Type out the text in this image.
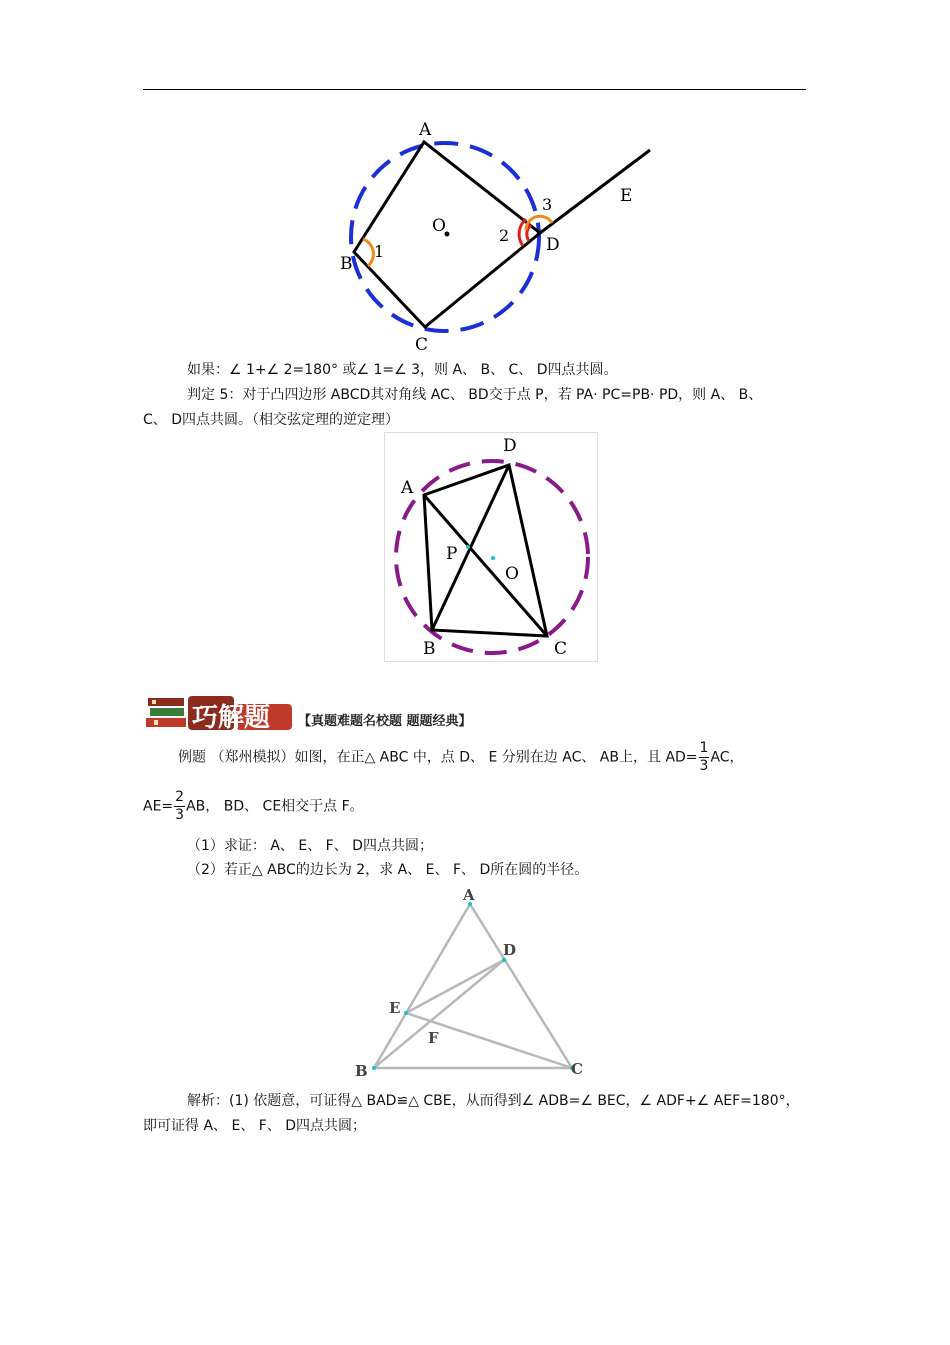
A
B
C
D
E
O
1
2
3
如果：∠ 1+∠ 2=180° 或∠ 1=∠ 3，则 A、 B、 C、 D四点共圆。
判定 5：对于凸四边形 ABCD其对角线 AC、 BD交于点 P，若 PA· PC=PB· PD，则 A、 B、
C、 D四点共圆。（相交弦定理的逆定理）
A
B	C
D
P
O
巧解题 【真题难题名校题 题题经典】
例题 （郑州模拟）如图，在正△ ABC 中，点 D、 E 分别在边 AC、 AB上，且 $AD= \frac{1}{3}$ AC，
$AE= \frac{2}{3}$ AB， BD、 CE相交于点 F。
（1）求证： A、 E、 F、 D四点共圆；
（2）若正△ ABC的边长为 2，求 A、 E、 F、 D所在圆的半径。
A
B	C
D
E
F
解析：(1) 依题意，可证得△ BAD≌△ CBE，从而得到∠ ADB=∠ BEC，∠ ADF+∠ AEF=180°，
即可证得 A、 E、 F、 D四点共圆；
